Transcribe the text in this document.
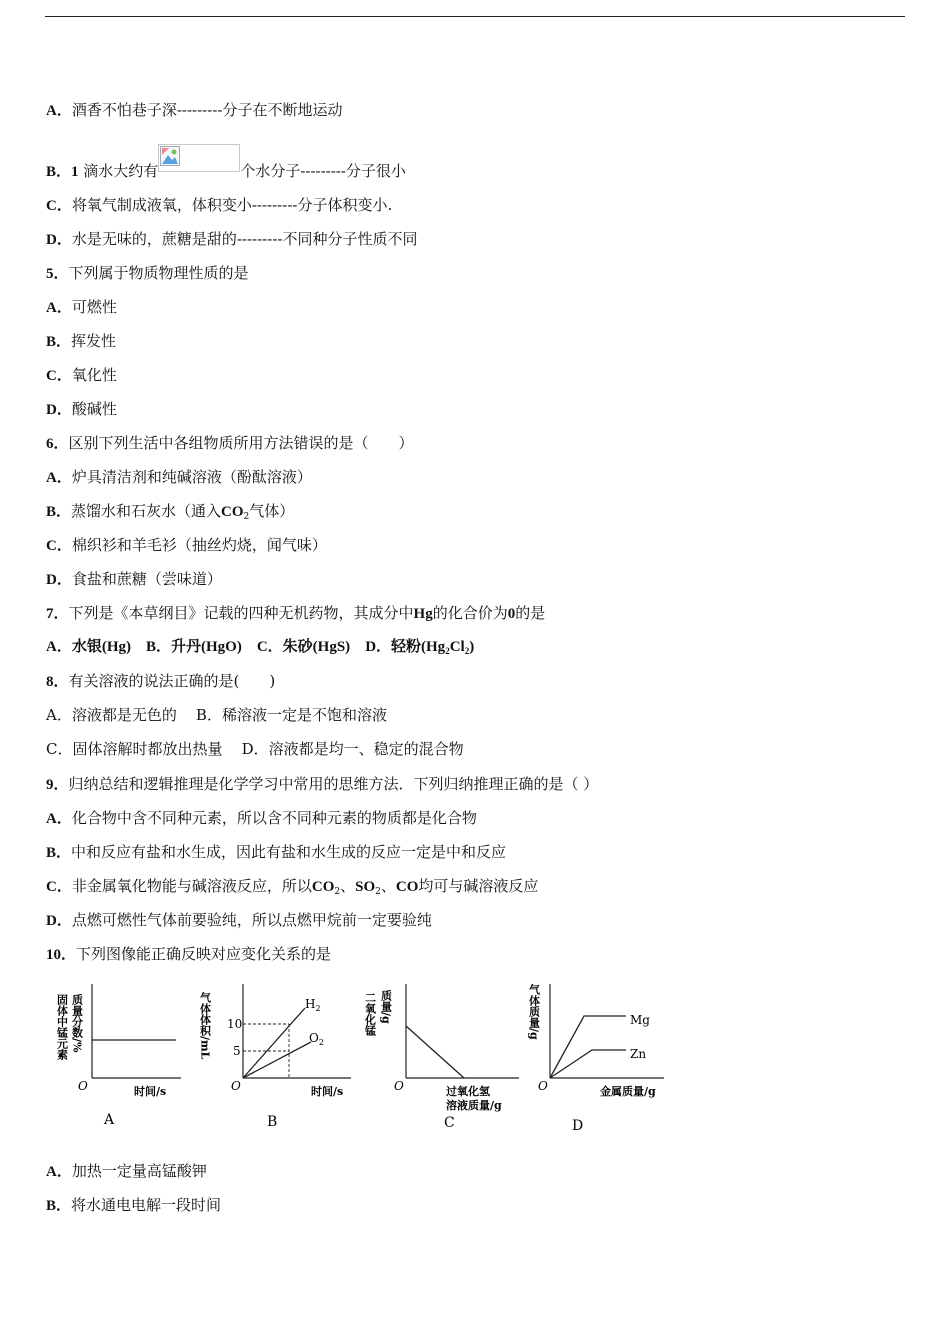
A．酒香不怕巷子深---------分子在不断地运动
B．1 滴水大约有	个水分子---------分子很小
C．将氧气制成液氧，体积变小---------分子体积变小.
D．水是无味的，蔗糖是甜的---------不同种分子性质不同
5．下列属于物质物理性质的是
A．可燃性
B．挥发性
C．氧化性
D．酸碱性
6．区别下列生活中各组物质所用方法错误的是（　　）
A．炉具清洁剂和纯碱溶液（酚酞溶液）
B．蒸馏水和石灰水（通入$CO_2$气体）
C．棉织衫和羊毛衫（抽丝灼烧，闻气味）
D．食盐和蔗糖（尝味道）
7．下列是《本草纲目》记载的四种无机药物，其成分中Hg的化合价为0的是
A．水银(Hg) B．升丹(HgO) C．朱砂(HgS) D．轻粉$(Hg_2Cl_2)$
8．有关溶液的说法正确的是(　　)
A．溶液都是无色的 B．稀溶液一定是不饱和溶液
C．固体溶解时都放出热量 D．溶液都是均一、稳定的混合物
9．归纳总结和逻辑推理是化学学习中常用的思维方法．下列归纳推理正确的是（ ）
A．化合物中含不同种元素，所以含不同种元素的物质都是化合物
B．中和反应有盐和水生成，因此有盐和水生成的反应一定是中和反应
C．非金属氧化物能与碱溶液反应，所以$CO_2$、$SO_2$、CO均可与碱溶液反应
D．点燃可燃性气体前要验纯，所以点燃甲烷前一定要验纯
10．下列图像能正确反映对应变化关系的是
固体中锰元素 质量分数/%
O	时间/s
A
气体体积/mL 10
5
$H_2$
$O_2$
O	时间/s
B
二氧化锰 质量/g
O	过氧化氢
溶液质量/g
C
气体质量/g	Mg
Zn
O	金属质量/g
D
A．加热一定量高锰酸钾
B．将水通电电解一段时间
